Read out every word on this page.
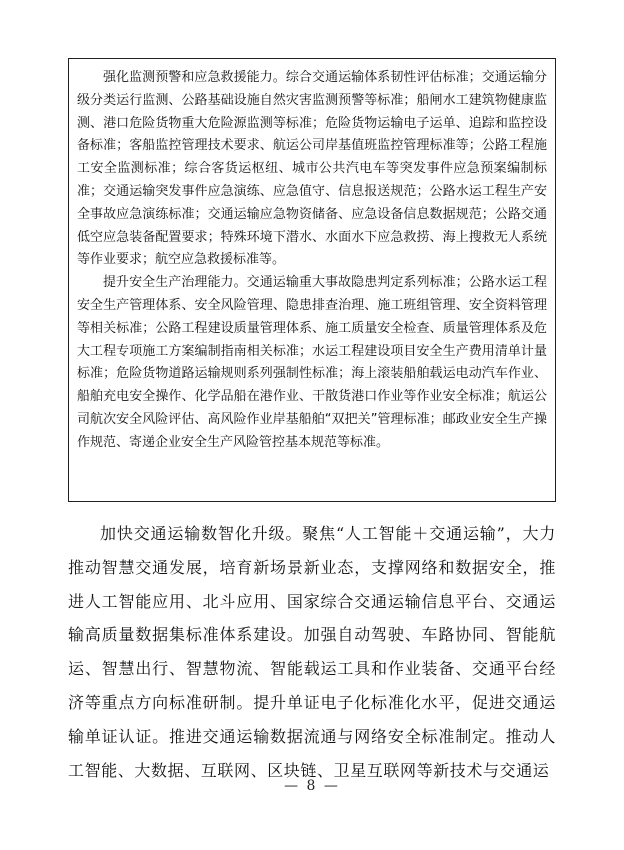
强化监测预警和应急救援能力。综合交通运输体系韧性评估标准；交通运输分级分类运行监测、公路基础设施自然灾害监测预警等标准；船闸水工建筑物健康监测、港口危险货物重大危险源监测等标准；危险货物运输电子运单、追踪和监控设备标准；客船监控管理技术要求、航运公司岸基值班监控管理标准等；公路工程施工安全监测标准；综合客货运枢纽、城市公共汽电车等突发事件应急预案编制标准；交通运输突发事件应急演练、应急值守、信息报送规范；公路水运工程生产安全事故应急演练标准；交通运输应急物资储备、应急设备信息数据规范；公路交通低空应急装备配置要求；特殊环境下潜水、水面水下应急救捞、海上搜救无人系统等作业要求；航空应急救援标准等。

提升安全生产治理能力。交通运输重大事故隐患判定系列标准；公路水运工程安全生产管理体系、安全风险管理、隐患排查治理、施工班组管理、安全资料管理等相关标准；公路工程建设质量管理体系、施工质量安全检查、质量管理体系及危大工程专项施工方案编制指南相关标准；水运工程建设项目安全生产费用清单计量标准；危险货物道路运输规则系列强制性标准；海上滚装船舶载运电动汽车作业、船舶充电安全操作、化学品船在港作业、干散货港口作业等作业安全标准；航运公司航次安全风险评估、高风险作业岸基船舶“双把关”管理标准；邮政业安全生产操作规范、寄递企业安全生产风险管控基本规范等标准。

加快交通运输数智化升级。聚焦“人工智能＋交通运输”，大力推动智慧交通发展，培育新场景新业态，支撑网络和数据安全，推进人工智能应用、北斗应用、国家综合交通运输信息平台、交通运输高质量数据集标准体系建设。加强自动驾驶、车路协同、智能航运、智慧出行、智慧物流、智能载运工具和作业装备、交通平台经济等重点方向标准研制。提升单证电子化标准化水平，促进交通运输单证认证。推进交通运输数据流通与网络安全标准制定。推动人工智能、大数据、互联网、区块链、卫星互联网等新技术与交通运

— 8 —
